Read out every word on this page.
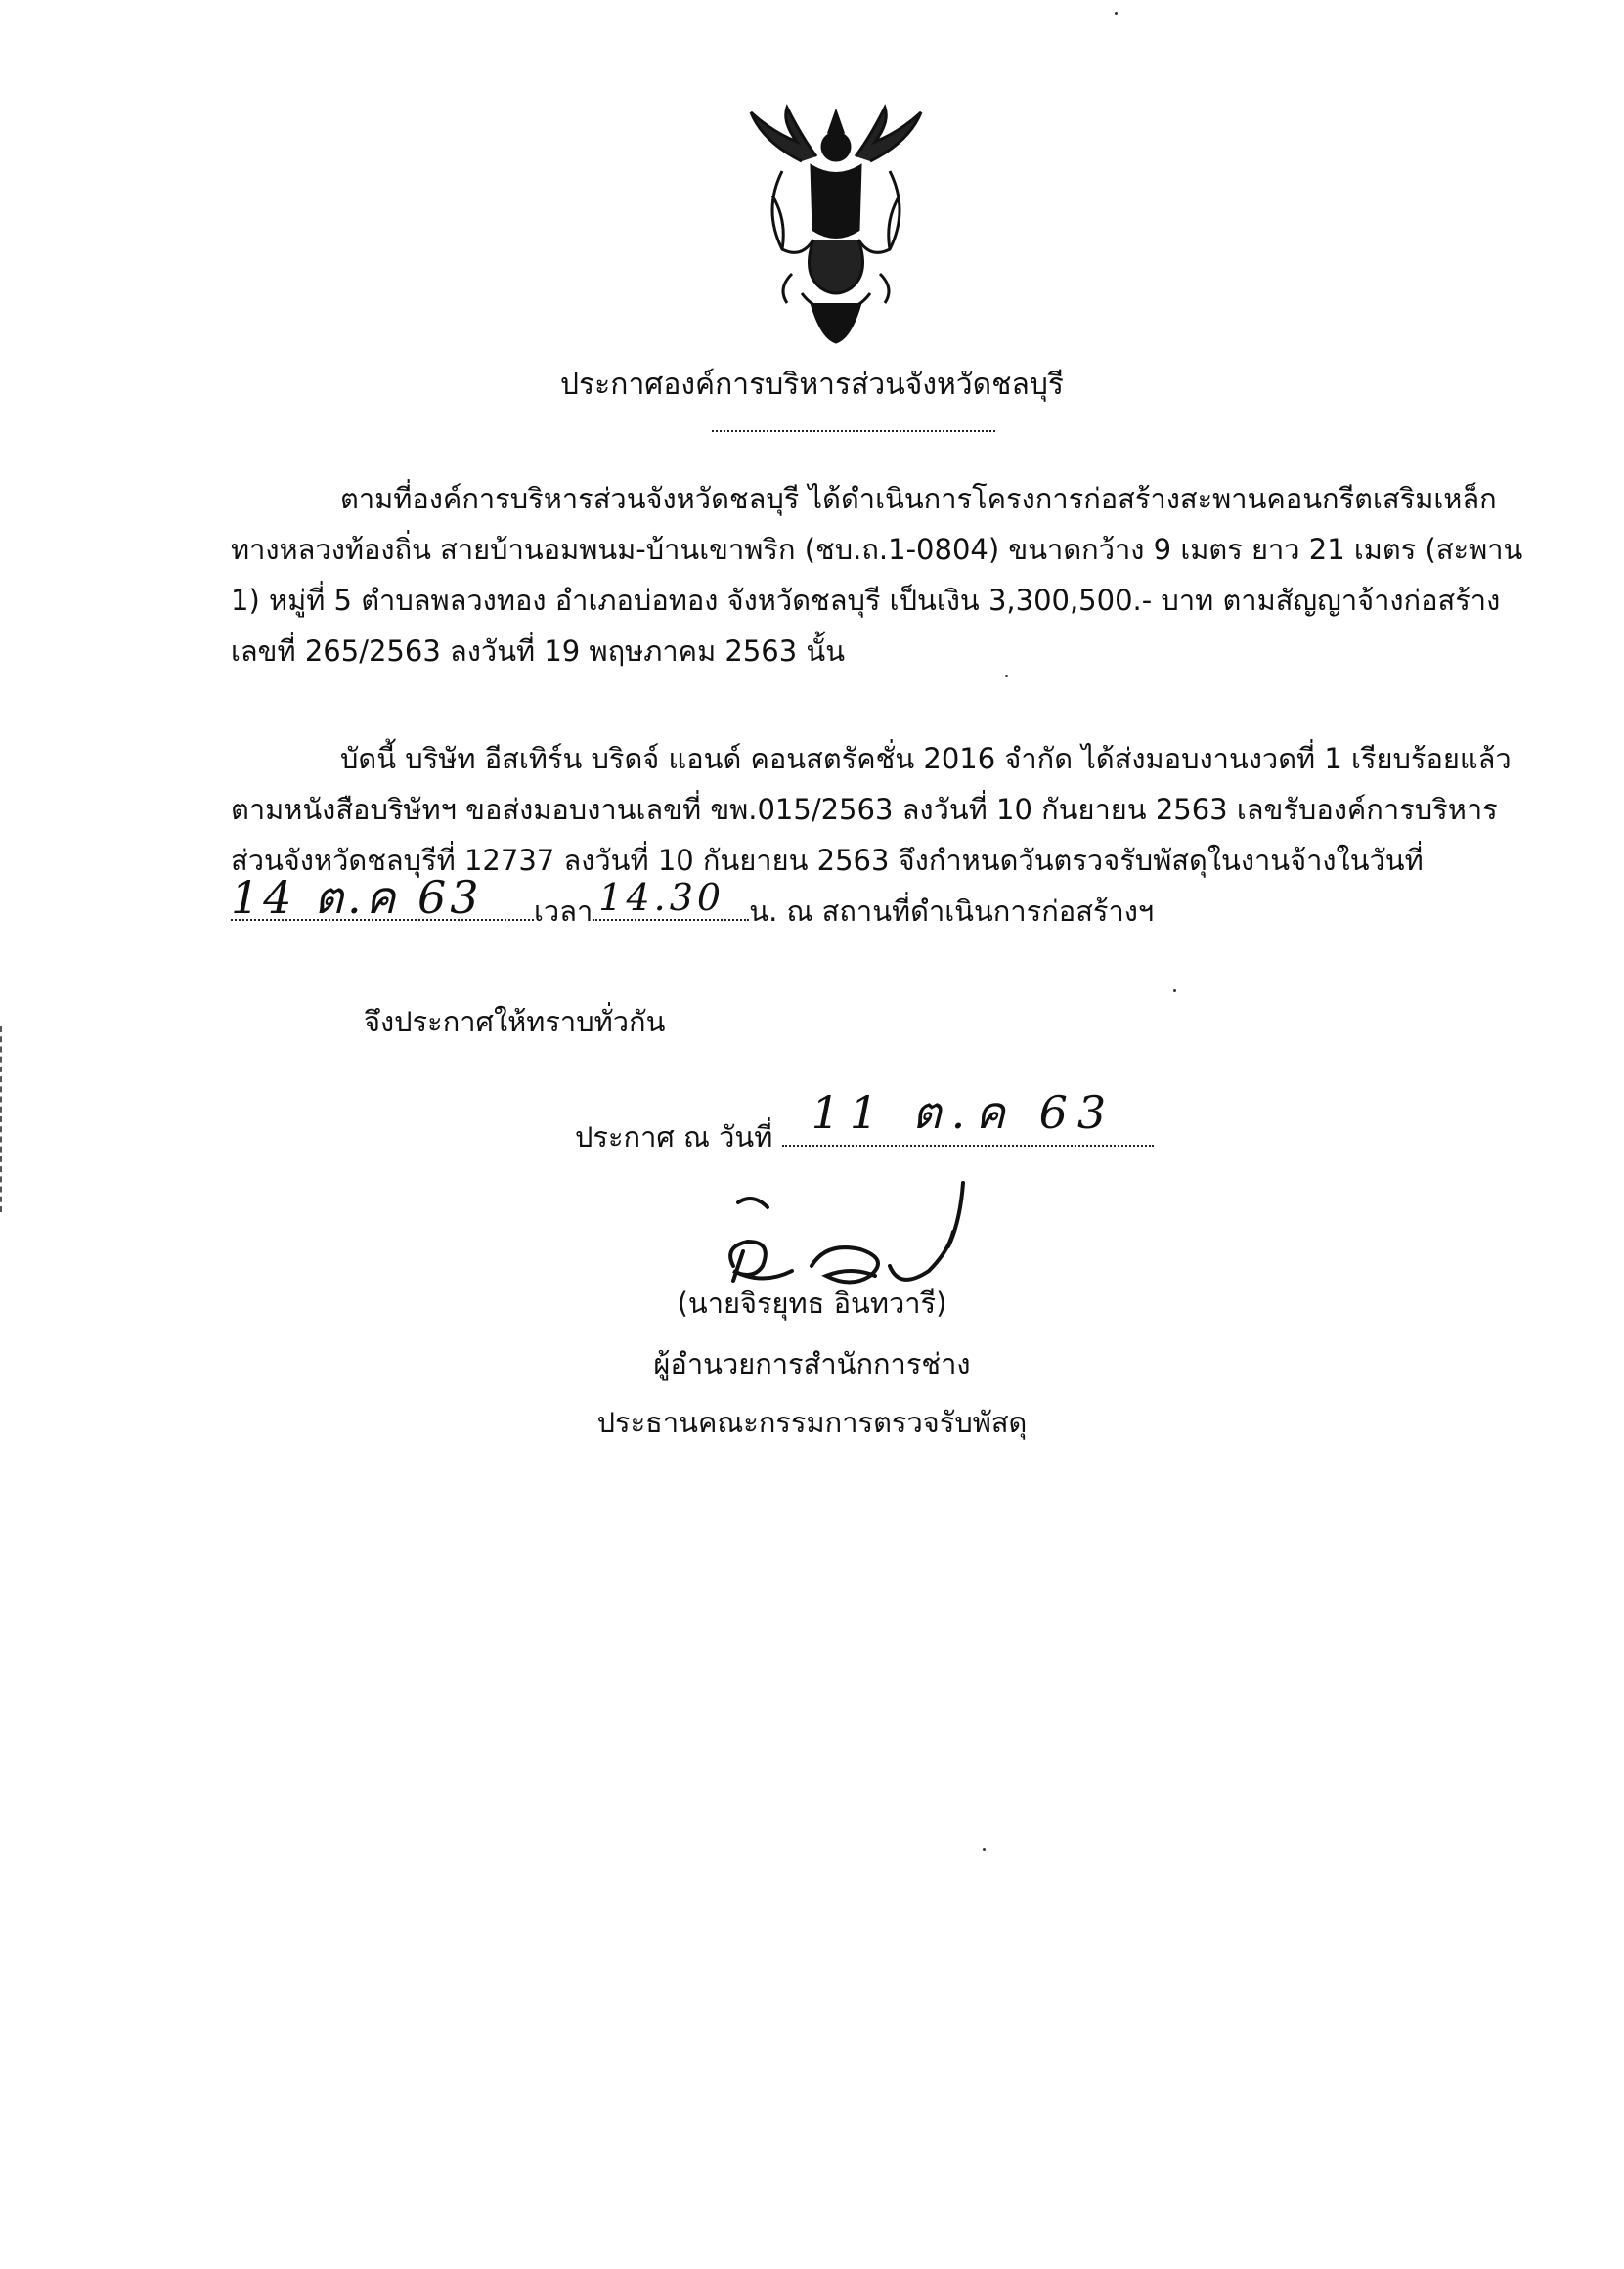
ประกาศองค์การบริหารส่วนจังหวัดชลบุรี
ตามที่องค์การบริหารส่วนจังหวัดชลบุรี ได้ดำเนินการโครงการก่อสร้างสะพานคอนกรีตเสริมเหล็ก
ทางหลวงท้องถิ่น สายบ้านอมพนม-บ้านเขาพริก (ชบ.ถ.1-0804) ขนาดกว้าง 9 เมตร ยาว 21 เมตร (สะพาน
1) หมู่ที่ 5 ตำบลพลวงทอง อำเภอบ่อทอง จังหวัดชลบุรี เป็นเงิน 3,300,500.- บาท ตามสัญญาจ้างก่อสร้าง
เลขที่ 265/2563 ลงวันที่ 19 พฤษภาคม 2563 นั้น
บัดนี้ บริษัท อีสเทิร์น บริดจ์ แอนด์ คอนสตรัคชั่น 2016 จำกัด ได้ส่งมอบงานงวดที่ 1 เรียบร้อยแล้ว
ตามหนังสือบริษัทฯ ขอส่งมอบงานเลขที่ ขพ.015/2563 ลงวันที่ 10 กันยายน 2563 เลขรับองค์การบริหาร
ส่วนจังหวัดชลบุรีที่ 12737 ลงวันที่ 10 กันยายน 2563 จึงกำหนดวันตรวจรับพัสดุในงานจ้างในวันที่
14 ต.ค 63 เวลา 14.30 น. ณ สถานที่ดำเนินการก่อสร้างฯ
จึงประกาศให้ทราบทั่วกัน
ประกาศ ณ วันที่ 11 ต.ค 63
(นายจิรยุทธ อินทวารี)
ผู้อำนวยการสำนักการช่าง
ประธานคณะกรรมการตรวจรับพัสดุ
